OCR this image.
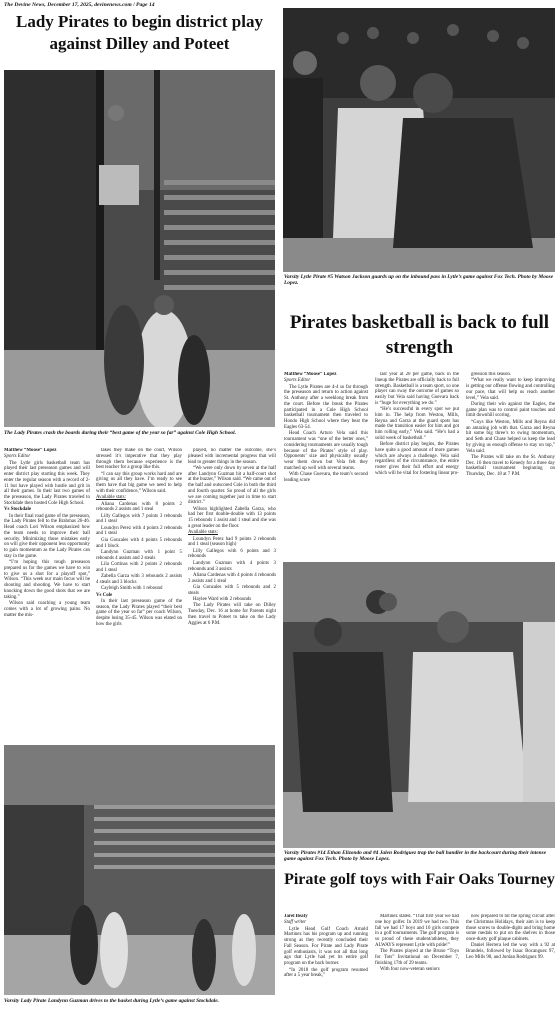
The Devine News, December 17, 2025, devinenews.com / Page 14
Lady Pirates to begin district play against Dilley and Poteet
The Lady Pirates crash the boards during their “best game of the year so far” against Cole High School.

Matthew “Moose” Lopez

Sports Editor

The Lytle girls basketball team has played their last preseason games and will enter district play starting this week. They enter the regular season with a record of 2-11 but have played with hustle and grit in all their games. In their last two games of the preseason, the Lady Pirates traveled to Stockdale then hosted Cole High School.

Vs Stockdale

In their final road game of the preseason, the Lady Pirates fell to the Brahmas 26-46. Head coach Lori Wilson emphasized how the team needs to improve their ball security. Minimizing those mistakes early on will give their opponent less opportunity to gain momentum as the Lady Pirates can stay in the game.

“I’m hoping this tough preseason prepared us for the games we have to win to give us a shot for a playoff spot,” Wilson. “This week our main focus will be shooting and shooting. We have to start knocking down the good shots that we are taking.”

Wilson said coaching a young team comes with a lot of growing pains. No matter the mis-

takes they make on the court, Wilson stressed it’s imperative that they play through them because experience is the best teacher for a group like this.

“I can say this group works hard and are giving us all they have. I’m ready to see them have that big game we need to help with their confidence,” Wilson said.

Available stats:

Aliana Cardenas with 8 points 2 rebounds 2 assists and 1 steal

Lilly Gallegos with 7 points 3 rebounds and 1 steal

Loundyn Perez with 4 points 2 rebounds and 1 steal

Gia Gonzales with 4 points 5 rebounds and 1 block

Landynn Guzman with 1 point 5 rebounds 4 assists and 2 steals

Lila Cortinas with 2 points 2 rebounds and 1 steal

Zabella Garza with 3 rebounds 2 assists 4 steals and 3 blocks

Cayleigh Smith with 1 rebound

Vs Cole

In their last preseason game of the season, the Lady Pirates played “their best game of the year so far” per coach Wilson, despite losing 35-45. Wilson was elated on how the girls

played, no matter the outcome, she’s pleased with incremental progress that will lead to greater things in the season.

“We were only down by seven at the half after Landynn Guzman hit a half-court shot at the buzzer,” Wilson said. “We came out of the half and outscored Cole in both the third and fourth quarter. So proud of all the girls we are coming together just in time to start district.”

Wilson highlighted Zabella Garza, who had her first double-double with 13 points 15 rebounds 1 assist and 1 steal and she was a great leader on the floor.

Available stats:

Loundyn Perez had 9 points 2 rebounds and 1 steal (season high)

Lilly Gallegos with 6 points and 3 rebounds

Landynn Guzman with 4 points 3 rebounds and 3 assists

Aliana Cardenas with 4 points 4 rebounds 2 assists and 1 steal

Gia Gonzales with 5 rebounds and 2 steals

Haylee Ward with 2 rebounds

The Lady Pirates will take on Dilley Tuesday, Dec. 16 at home for Parents night then travel to Poteet to take on the Lady Aggies at 6 P.M.

Varsity Lady Pirate Landynn Guzman drives to the basket during Lytle’s game against Stockdale.
Varsity Lytle Pirate #5 Watson Jackson guards up on the inbound pass in Lytle’s game against Fox Tech. Photo by Moose Lopez.
Pirates basketball is back to full strength

Matthew “Moose” Lopez

Sports Editor

The Lytle Pirates are 4-4 so far through the preseason and return to action against St. Anthony after a weeklong break from the court. Before the break the Pirates participated in a Cole High School basketball tournament then traveled to Hondo High School where they beat the Eagles 63-54.

Head Coach Arturo Vela said this tournament was “one of the better ones,” considering tournaments are usually tough because of the Pirates’ style of play. Opponents’ size and physicality usually wear them down but Vela felt they matched up well with several teams.

With Chase Guevara, the team’s second leading score

last year at 20 per game, back in the lineup the Pirates are officially back to full strength. Basketball is a team sport, so one player can sway the outcome of games so easily but Vela said having Guevara back is “huge for everything we do.”

“He’s successful in every spot we put him in. The help from Weston, Mills, Reyna and Garza at the guard spots has made the transition easier for him and got him rolling early,” Vela said. “He’s had a solid week of basketball.”

Before district play begins, the Pirates have quite a good amount of more games which are always a challenge. Vela said regardless of the circumstance, the entire roster gives their full effort and energy which will be vital for fostering linear pro-

gression this season.

“What we really want to keep improving is getting our offense flowing and controlling our pace, that will help us reach another level,” Vela said.

During their win against the Eagles, the game plan was to control paint touches and limit downhill scoring.

“Guys like Weston, Mills and Reyna did an amazing job with that. Garza and Reyna hit some big three’s to swing momentum, and Seth and Chase helped us keep the lead by giving us enough offense to stay on top,” Vela said.

The Pirates will take on the St. Anthony Dec. 16 then travel to Kenedy for a three day basketball tournament beginning on Thursday, Dec. 18 at 7 P.M.

Varsity Pirates #14 Ethan Elizondo and #4 Jalen Rodriguez trap the ball handler in the backcourt during their intense game against Fox Tech. Photo by Moose Lopez.
Pirate golf toys with Fair Oaks Tourney

Jarel Beaty

Staff writer

Lytle Head Golf Coach Arnold Martinez has his program up and running strong as they recently concluded their Fall Season. For Pirate and Lady Pirate golf enthusiasts, it was not all that long ago that Lytle had yet its entire golf program on the back burner.

“In 2018 the golf program resumed after a 5 year break,”

Martinez stated. “That first year we had one boy golfer. In 2019 we had two. This fall we had 17 boys and 10 girls compete in a golf tournaments. The golf program is so proud of these student/athletes, they ALWAYS represent Lytle with pride!”

The Pirates played at the Bruno “Toys for Tots” Invitational on December 7, finishing 17th of 29 teams.

With four now-veteran seniors

now prepared to hit the spring circuit after the Christmas Holidays, their aim is to keep those scores to double-digits and bring home some medals to put on the shelves in those once-dusty golf plaque cabinets.

Daniel Herrera led the way with a 92 at Brandeis, followed by Isaac Bocanguez 97, Leo Mills 98, and Jordan Rodriguez 99.
